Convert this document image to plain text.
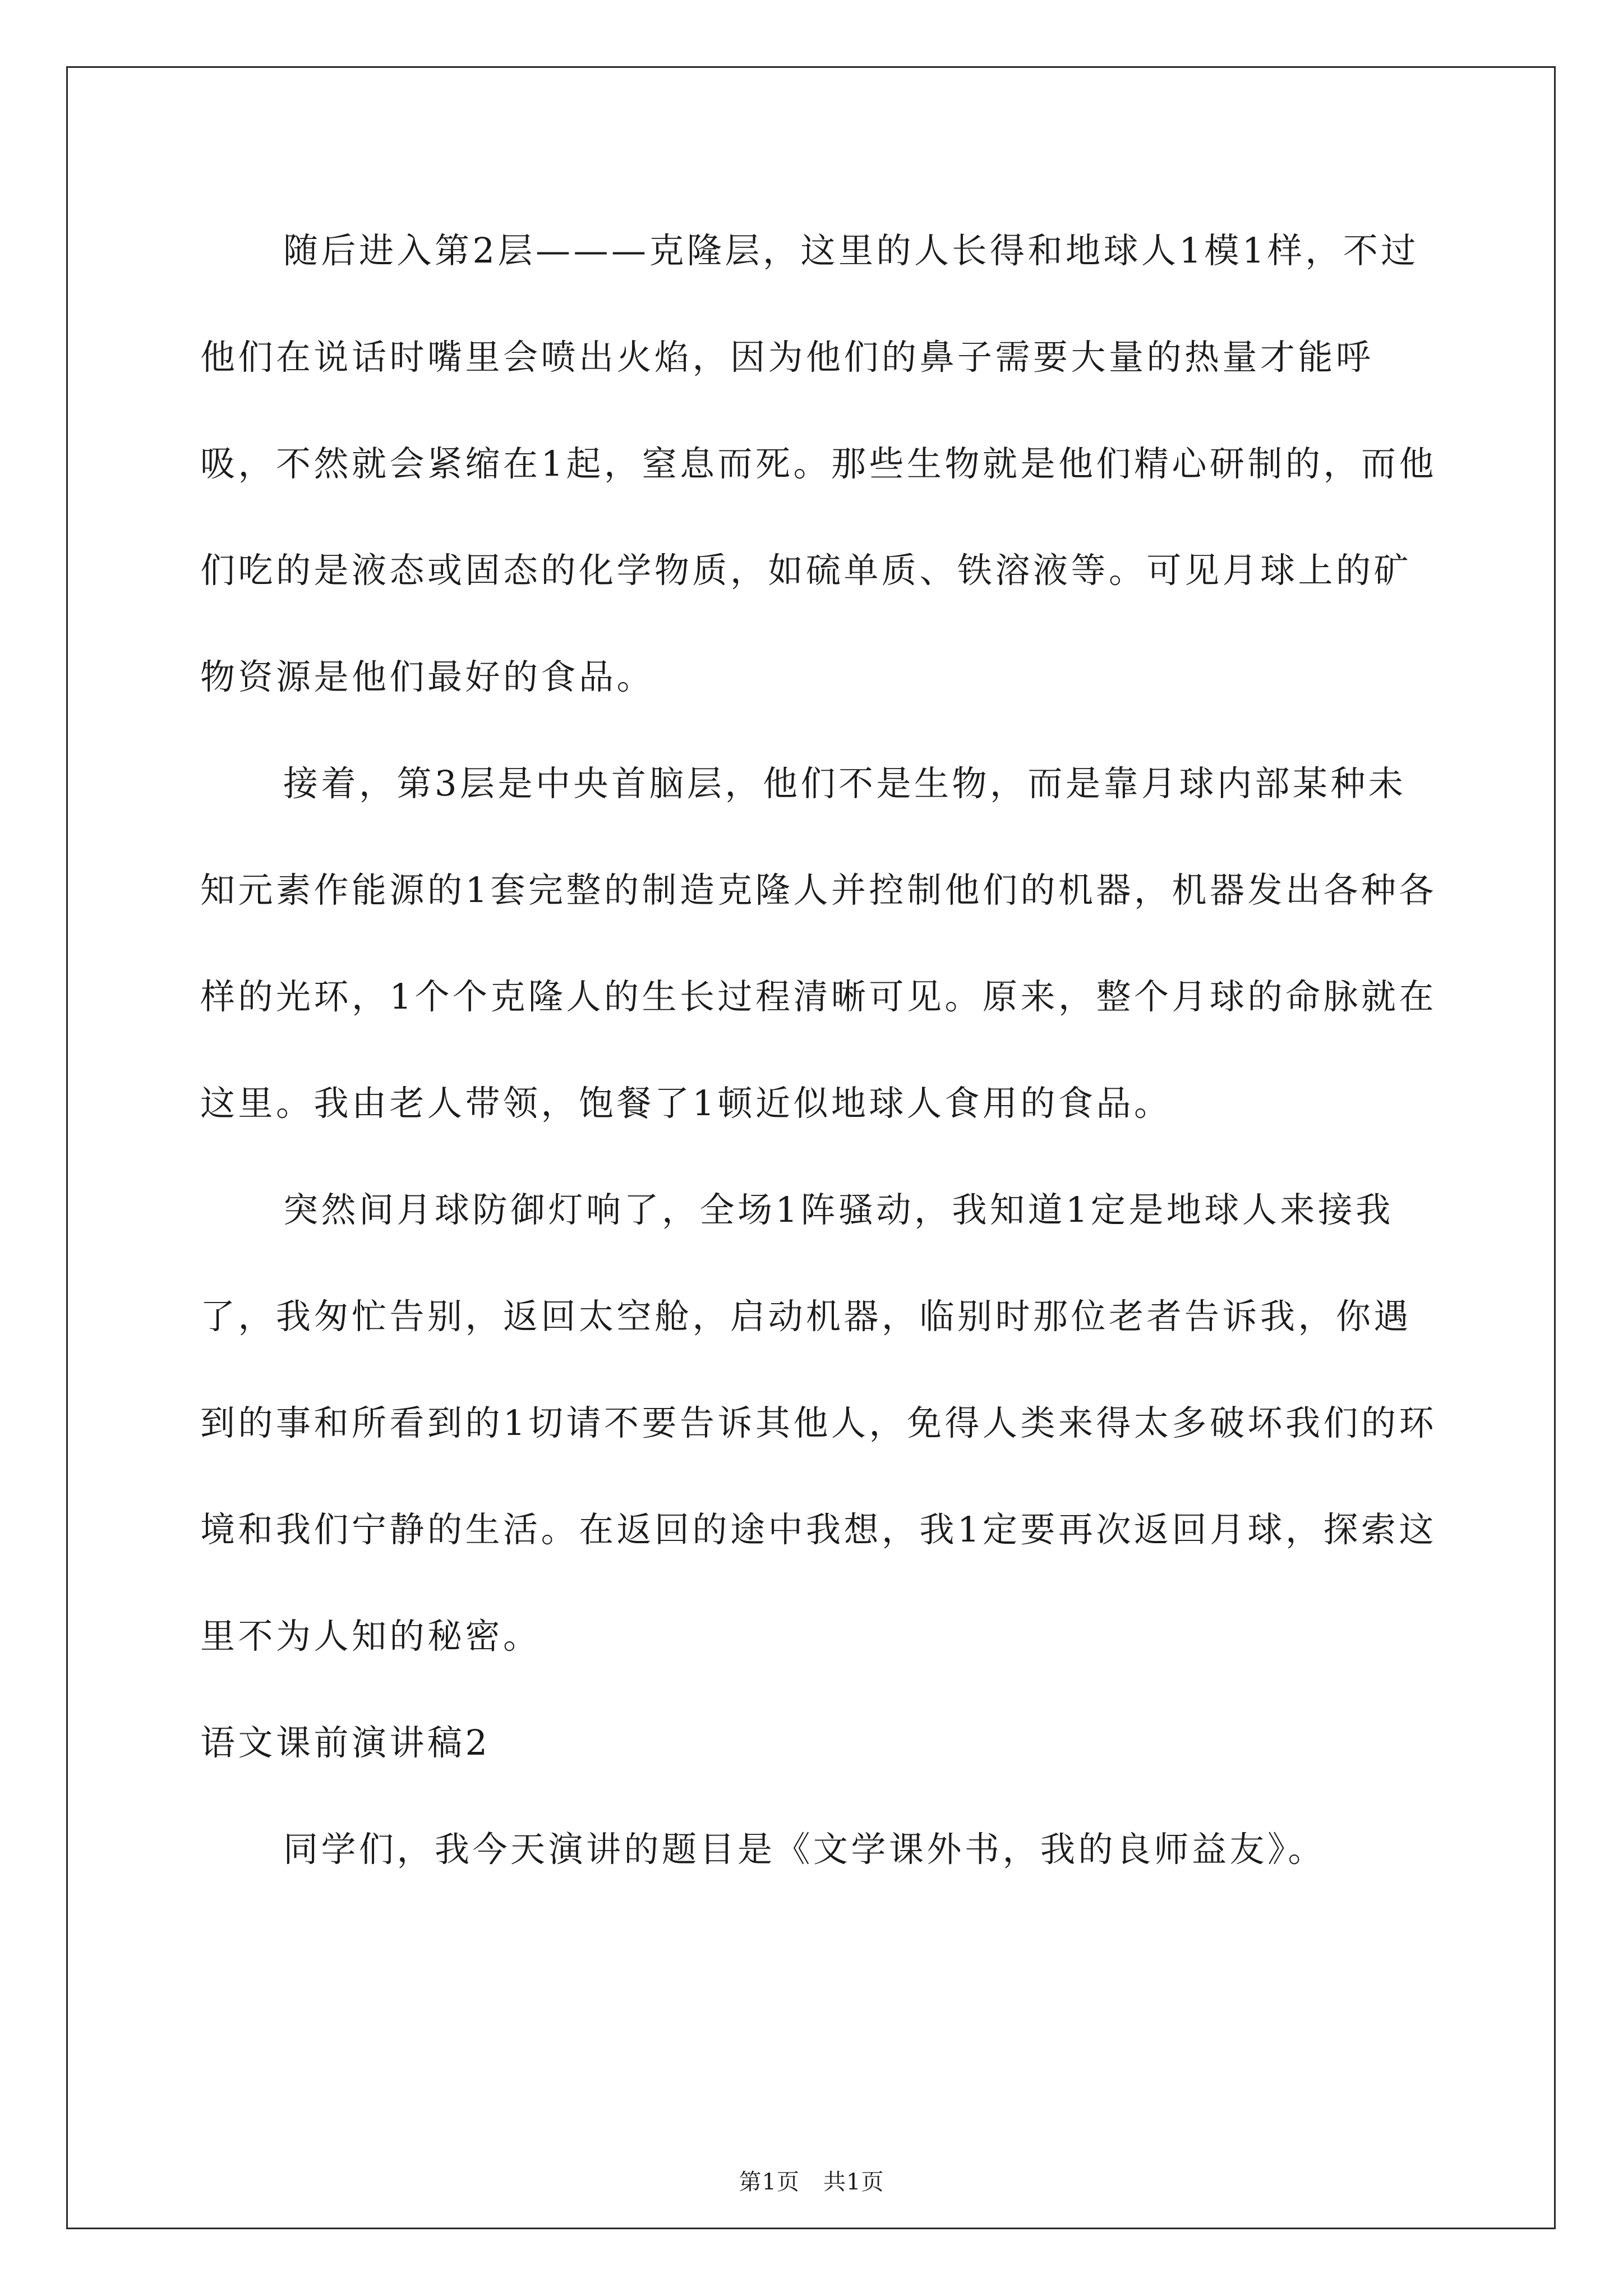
随后进入第2层———克隆层，这里的人长得和地球人1模1样，不过他们在说话时嘴里会喷出火焰，因为他们的鼻子需要大量的热量才能呼吸，不然就会紧缩在1起，窒息而死。那些生物就是他们精心研制的，而他们吃的是液态或固态的化学物质，如硫单质、铁溶液等。可见月球上的矿物资源是他们最好的食品。

接着，第3层是中央首脑层，他们不是生物，而是靠月球内部某种未知元素作能源的1套完整的制造克隆人并控制他们的机器，机器发出各种各样的光环，1个个克隆人的生长过程清晰可见。原来，整个月球的命脉就在这里。我由老人带领，饱餐了1顿近似地球人食用的食品。

突然间月球防御灯响了，全场1阵骚动，我知道1定是地球人来接我了，我匆忙告别，返回太空舱，启动机器，临别时那位老者告诉我，你遇到的事和所看到的1切请不要告诉其他人，免得人类来得太多破坏我们的环境和我们宁静的生活。在返回的途中我想，我1定要再次返回月球，探索这里不为人知的秘密。

语文课前演讲稿2

同学们，我今天演讲的题目是《文学课外书，我的良师益友》。

第1页 共1页
